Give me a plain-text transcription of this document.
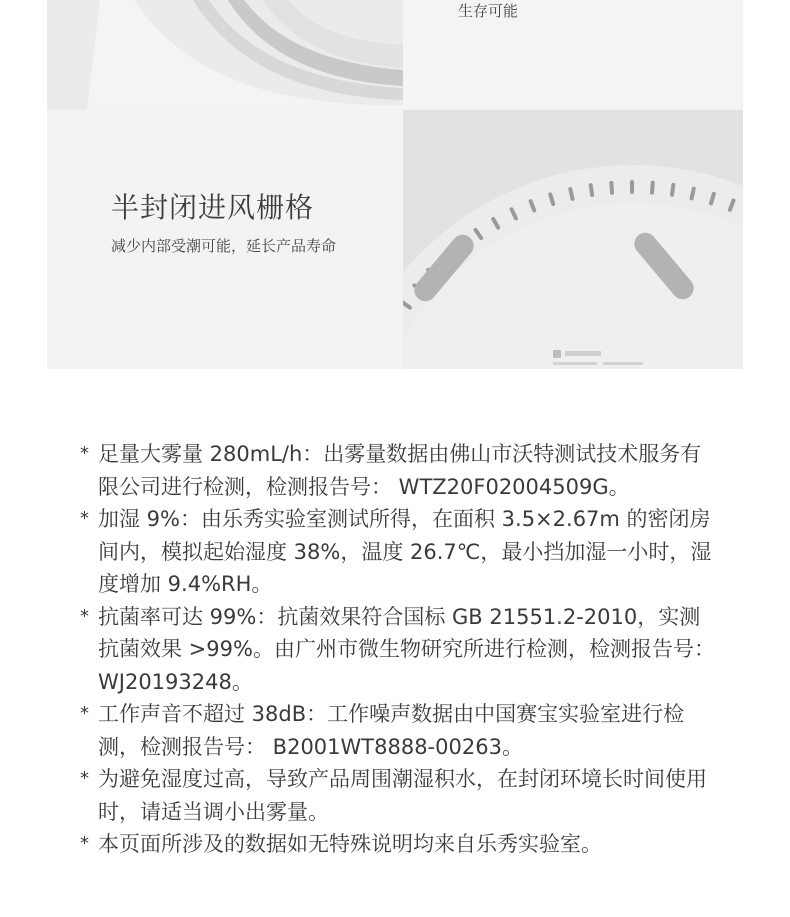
生存可能
半封闭进风栅格
减少内部受潮可能，延长产品寿命
* 足量大雾量 280mL/h：出雾量数据由佛山市沃特测试技术服务有限公司进行检测，检测报告号： WTZ20F02004509G。
* 加湿 9%：由乐秀实验室测试所得，在面积 3.5×2.67m 的密闭房间内，模拟起始湿度 38%，温度 26.7℃，最小挡加湿一小时，湿度增加 9.4%RH。
* 抗菌率可达 99%：抗菌效果符合国标 GB 21551.2-2010，实测抗菌效果 >99%。由广州市微生物研究所进行检测，检测报告号： WJ20193248。
* 工作声音不超过 38dB：工作噪声数据由中国赛宝实验室进行检测，检测报告号： B2001WT8888-00263。
* 为避免湿度过高，导致产品周围潮湿积水，在封闭环境长时间使用时，请适当调小出雾量。
* 本页面所涉及的数据如无特殊说明均来自乐秀实验室。
